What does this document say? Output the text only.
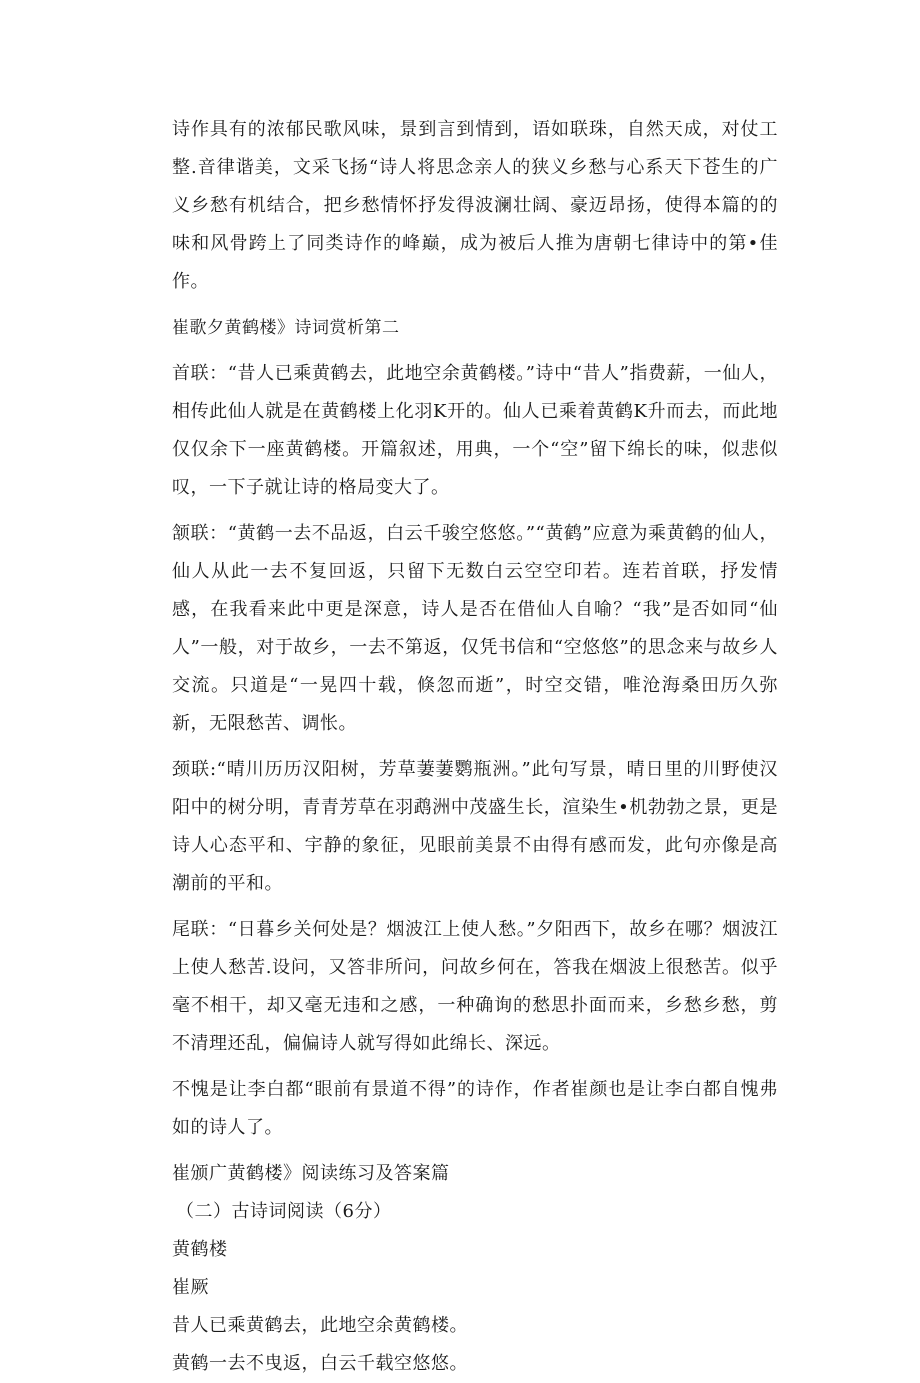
诗作具有的浓郁民歌风味，景到言到情到，语如联珠，自然天成，对仗工整.音律谐美，文采飞扬“诗人将思念亲人的狭义乡愁与心系天下苍生的广义乡愁有机结合，把乡愁情怀抒发得波澜壮阔、豪迈昂扬，使得本篇的的味和风骨跨上了同类诗作的峰巅，成为被后人推为唐朝七律诗中的第•佳作。

崔歌夕黄鹤楼》诗词赏析第二

首联：“昔人已乘黄鹤去，此地空余黄鹤楼。”诗中“昔人”指费薪，一仙人，相传此仙人就是在黄鹤楼上化羽K开的。仙人已乘着黄鹤K升而去，而此地仅仅余下一座黄鹤楼。开篇叙述，用典，一个“空”留下绵长的味，似悲似叹，一下子就让诗的格局变大了。

颔联：“黄鹤一去不品返，白云千骏空悠悠。”“黄鹤”应意为乘黄鹤的仙人，仙人从此一去不复回返，只留下无数白云空空印若。连若首联，抒发情感，在我看来此中更是深意，诗人是否在借仙人自喻？“我”是否如同“仙人”一般，对于故乡，一去不第返，仅凭书信和“空悠悠”的思念来与故乡人交流。只道是“一晃四十载，倏忽而逝”，时空交错，唯沧海桑田历久弥新，无限愁苦、调怅。

颈联:“晴川历历汉阳树，芳草萋萋鹦瓶洲。”此句写景，晴日里的川野使汉阳中的树分明，青青芳草在羽鹉洲中茂盛生长，渲染生•机勃勃之景，更是诗人心态平和、宇静的象征，见眼前美景不由得有感而发，此句亦像是高潮前的平和。

尾联：“日暮乡关何处是？烟波江上使人愁。”夕阳西下，故乡在哪？烟波江上使人愁苦.设问，又答非所问，问故乡何在，答我在烟波上很愁苦。似乎毫不相干，却又毫无违和之感，一种确询的愁思扑面而来，乡愁乡愁，剪不清理还乱，偏偏诗人就写得如此绵长、深远。

不愧是让李白都“眼前有景道不得”的诗作，作者崔颜也是让李白都自愧弗如的诗人了。

崔颁广黄鹤楼》阅读练习及答案篇

（二）古诗词阅读（6分）

黄鹤楼

崔厥

昔人已乘黄鹤去，此地空余黄鹤楼。

黄鹤一去不曳返，白云千载空悠悠。
